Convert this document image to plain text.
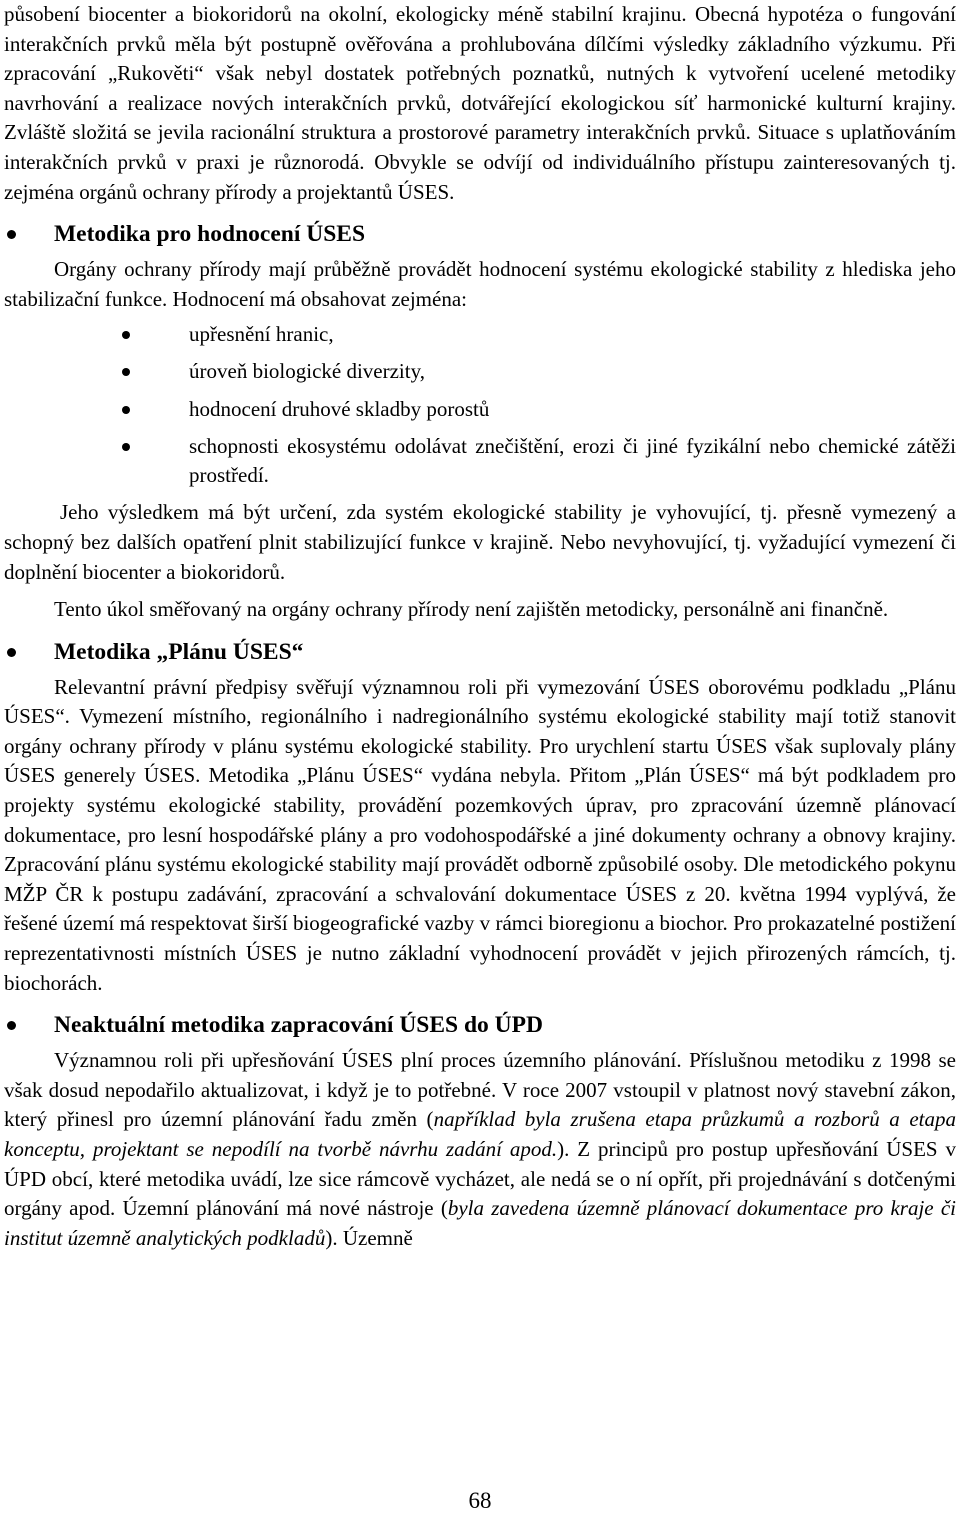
působení biocenter a biokoridorů na okolní, ekologicky méně stabilní krajinu. Obecná hypotéza o fungování interakčních prvků měla být postupně ověřována a prohlubována dílčími výsledky základního výzkumu. Při zpracování „Rukověti“ však nebyl dostatek potřebných poznatků, nutných k vytvoření ucelené metodiky navrhování a realizace nových interakčních prvků, dotvářející ekologickou síť harmonické kulturní krajiny. Zvláště složitá se jevila racionální struktura a prostorové parametry interakčních prvků. Situace s uplatňováním interakčních prvků v praxi je různorodá. Obvykle se odvíjí od individuálního přístupu zainteresovaných tj. zejména orgánů ochrany přírody a projektantů ÚSES.

Metodika pro hodnocení ÚSES

Orgány ochrany přírody mají průběžně provádět hodnocení systému ekologické stability z hlediska jeho stabilizační funkce. Hodnocení má obsahovat zejména:

upřesnění hranic,
úroveň biologické diverzity,
hodnocení druhové skladby porostů
schopnosti ekosystému odolávat znečištění, erozi či jiné fyzikální nebo chemické zátěži prostředí.

Jeho výsledkem má být určení, zda systém ekologické stability je vyhovující, tj. přesně vymezený a schopný bez dalších opatření plnit stabilizující funkce v krajině. Nebo nevyhovující, tj. vyžadující vymezení či doplnění biocenter a biokoridorů.

Tento úkol směřovaný na orgány ochrany přírody není zajištěn metodicky, personálně ani finančně.

Metodika „Plánu ÚSES“

Relevantní právní předpisy svěřují významnou roli při vymezování ÚSES oborovému podkladu „Plánu ÚSES“. Vymezení místního, regionálního i nadregionálního systému ekologické stability mají totiž stanovit orgány ochrany přírody v plánu systému ekologické stability. Pro urychlení startu ÚSES však suplovaly plány ÚSES generely ÚSES. Metodika „Plánu ÚSES“ vydána nebyla. Přitom „Plán ÚSES“ má být podkladem pro projekty systému ekologické stability, provádění pozemkových úprav, pro zpracování územně plánovací dokumentace, pro lesní hospodářské plány a pro vodohospodářské a jiné dokumenty ochrany a obnovy krajiny. Zpracování plánu systému ekologické stability mají provádět odborně způsobilé osoby. Dle metodického pokynu MŽP ČR k postupu zadávání, zpracování a schvalování dokumentace ÚSES z 20. května 1994 vyplývá, že řešené území má respektovat širší biogeografické vazby v rámci bioregionu a biochor. Pro prokazatelné postižení reprezentativnosti místních ÚSES je nutno základní vyhodnocení provádět v jejich přirozených rámcích, tj. biochorách.

Neaktuální metodika zapracování ÚSES do ÚPD

Významnou roli při upřesňování ÚSES plní proces územního plánování. Příslušnou metodiku z 1998 se však dosud nepodařilo aktualizovat, i když je to potřebné. V roce 2007 vstoupil v platnost nový stavební zákon, který přinesl pro územní plánování řadu změn (například byla zrušena etapa průzkumů a rozborů a etapa konceptu, projektant se nepodílí na tvorbě návrhu zadání apod.). Z principů pro postup upřesňování ÚSES v ÚPD obcí, které metodika uvádí, lze sice rámcově vycházet, ale nedá se o ní opřít, při projednávání s dotčenými orgány apod. Územní plánování má nové nástroje (byla zavedena územně plánovací dokumentace pro kraje či institut územně analytických podkladů). Územně

68
